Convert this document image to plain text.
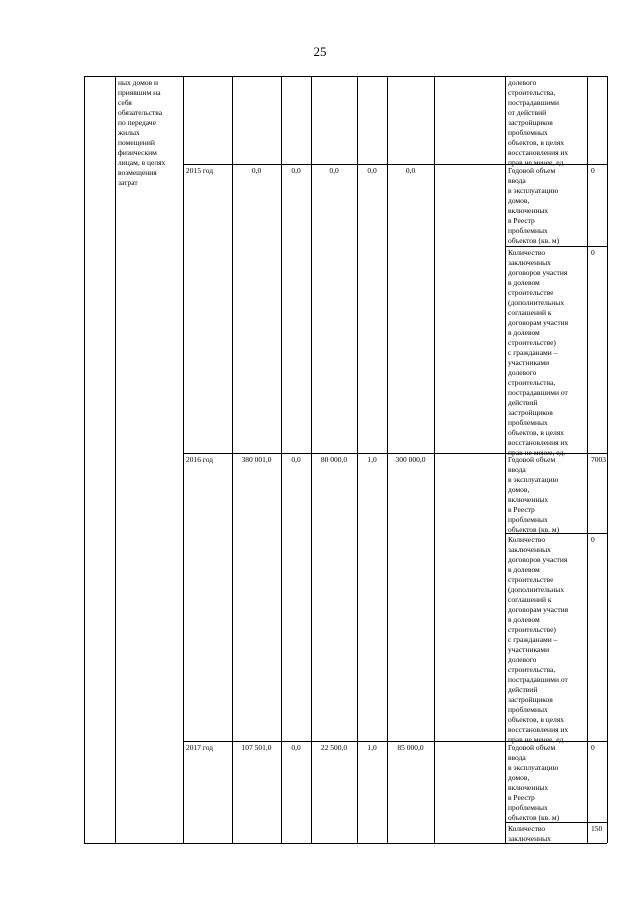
25
ных домов и
приявшим на
себя
обязательства
по передаче
жилых
помещений
физическим
лицам, в целях
возмещения
затрат
долевого
строительства,
пострадавшими
от действий
застройщиков
проблемных
объектов, в целях
восстановления их
прав не менее, ед.
2015 год	0,0	0,0	0,0	0,0	0,0	Годовой объем
ввода
в эксплуатацию
домов,
включенных
в Реестр
проблемных
объектов (кв. м)
0
Количество
заключенных
договоров участия
в долевом
строительстве
(дополнительных
соглашений к
договорам участия
в долевом
строительстве)
с гражданами –
участниками
долевого
строительства,
пострадавшими от
действий
застройщиков
проблемных
объектов, в целях
восстановления их
прав не менее, ед.
0
2016 год	380 001,0	0,0	80 000,0	1,0	300 000,0	Годовой объем
ввода
в эксплуатацию
домов,
включенных
в Реестр
проблемных
объектов (кв. м)
7003
Количество
заключенных
договоров участия
в долевом
строительстве
(дополнительных
соглашений к
договорам участия
в долевом
строительстве)
с гражданами –
участниками
долевого
строительства,
пострадавшими от
действий
застройщиков
проблемных
объектов, в целях
восстановления их
прав не менее, ед.
0
2017 год	107 501,0	0,0	22 500,0	1,0	85 000,0	Годовой объем
ввода
в эксплуатацию
домов,
включенных
в Реестр
проблемных
объектов (кв. м)
0
Количество
заключенных
150
